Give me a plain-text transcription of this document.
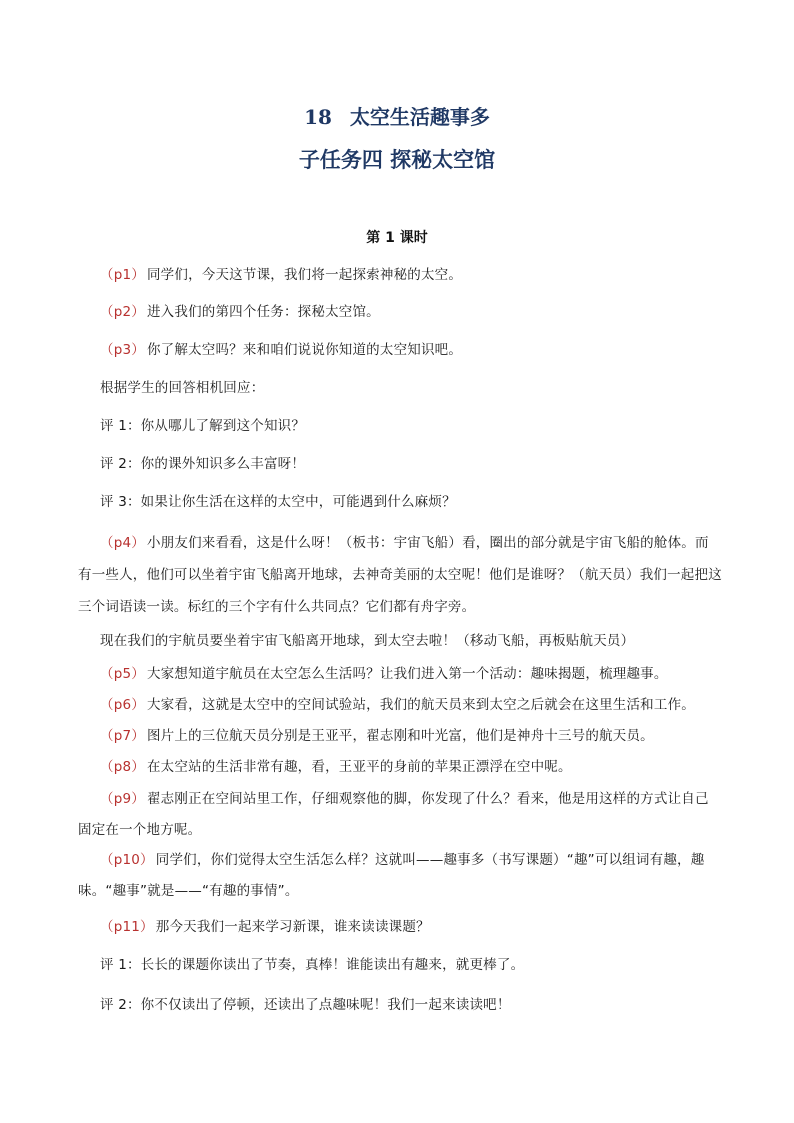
18 太空生活趣事多
子任务四 探秘太空馆
第 1 课时
（p1） 同学们，今天这节课，我们将一起探索神秘的太空。
（p2） 进入我们的第四个任务：探秘太空馆。
（p3） 你了解太空吗？来和咱们说说你知道的太空知识吧。
根据学生的回答相机回应：
评 1：你从哪儿了解到这个知识？
评 2：你的课外知识多么丰富呀！
评 3：如果让你生活在这样的太空中，可能遇到什么麻烦？
（p4） 小朋友们来看看，这是什么呀！（板书：宇宙飞船）看，圈出的部分就是宇宙飞船的舱体。而有一些人，他们可以坐着宇宙飞船离开地球，去神奇美丽的太空呢！他们是谁呀？（航天员）我们一起把这三个词语读一读。标红的三个字有什么共同点？它们都有舟字旁。
现在我们的宇航员要坐着宇宙飞船离开地球，到太空去啦！（移动飞船，再板贴航天员）
（p5） 大家想知道宇航员在太空怎么生活吗？让我们进入第一个活动：趣味揭题，梳理趣事。
（p6） 大家看，这就是太空中的空间试验站，我们的航天员来到太空之后就会在这里生活和工作。
（p7） 图片上的三位航天员分别是王亚平，翟志刚和叶光富，他们是神舟十三号的航天员。
（p8） 在太空站的生活非常有趣，看，王亚平的身前的苹果正漂浮在空中呢。
（p9） 翟志刚正在空间站里工作，仔细观察他的脚，你发现了什么？看来，他是用这样的方式让自己固定在一个地方呢。
（p10） 同学们，你们觉得太空生活怎么样？这就叫——趣事多（书写课题）“趣”可以组词有趣，趣味。“趣事”就是——“有趣的事情”。
（p11） 那今天我们一起来学习新课，谁来读读课题？
评 1：长长的课题你读出了节奏，真棒！谁能读出有趣来，就更棒了。
评 2：你不仅读出了停顿，还读出了点趣味呢！我们一起来读读吧！
